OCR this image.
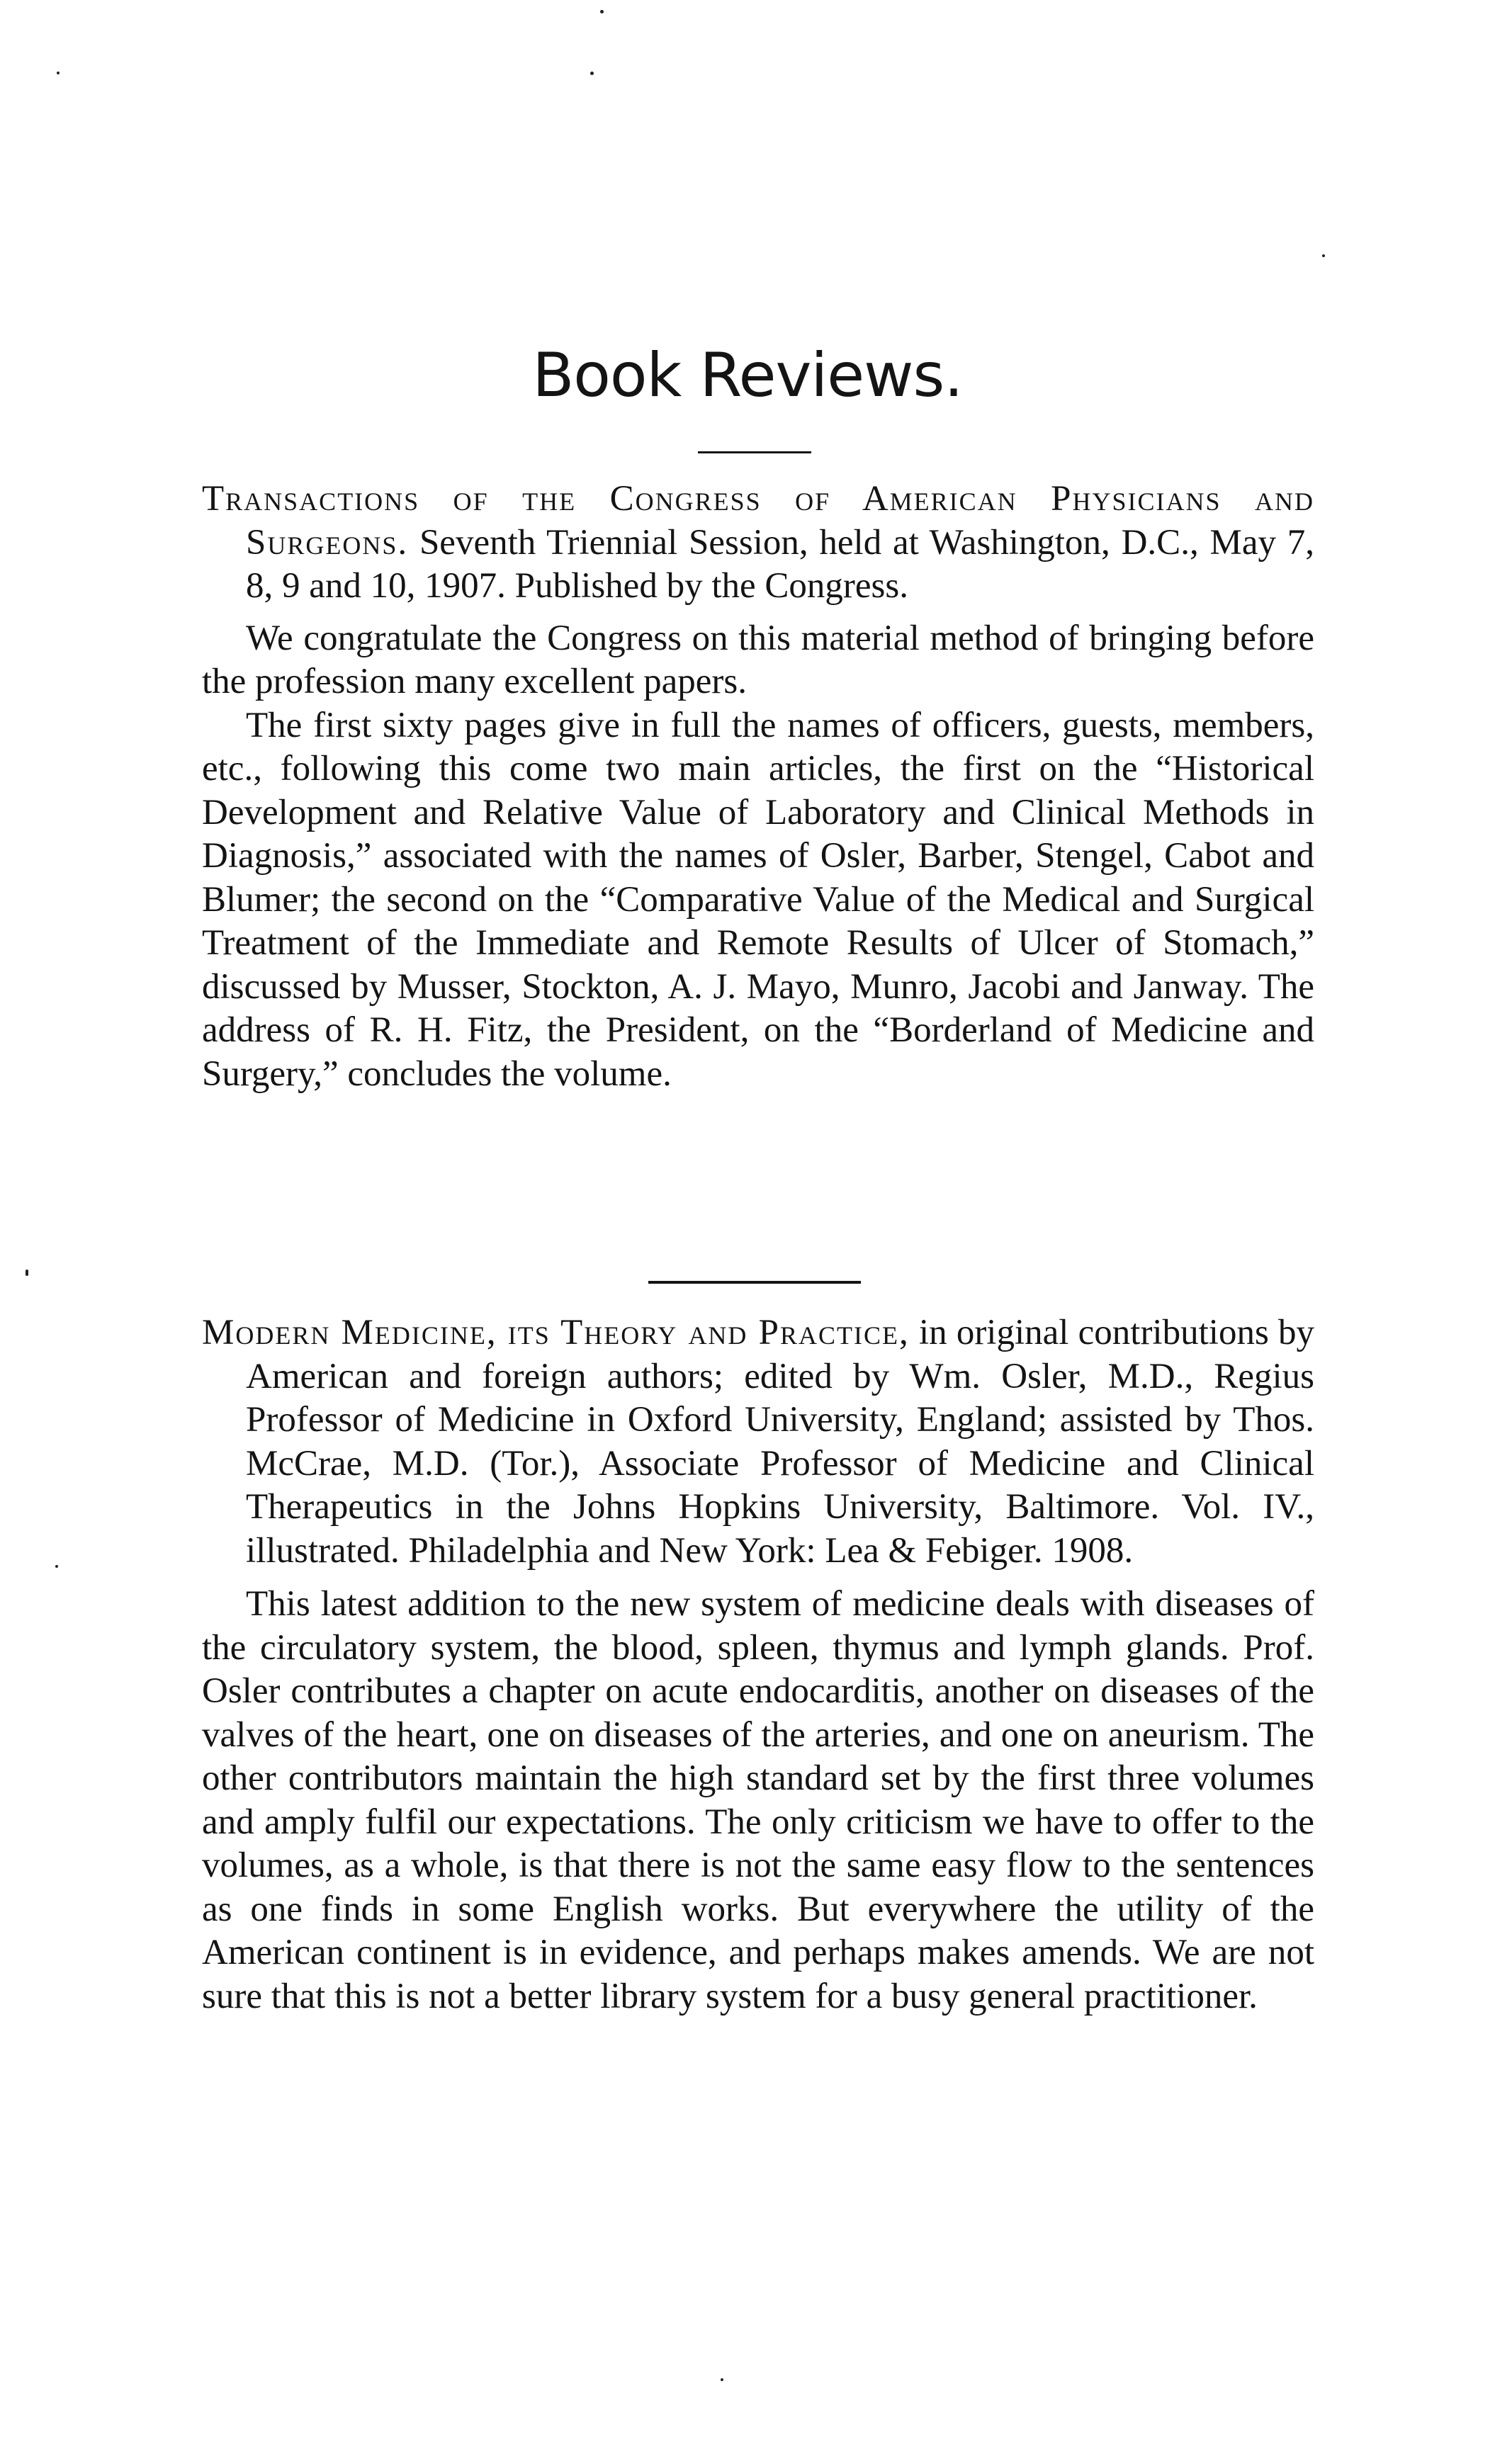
Book Reviews.

Transactions of the Congress of American Physicians and Surgeons. Seventh Triennial Session, held at Washington, D.C., May 7, 8, 9 and 10, 1907. Published by the Congress.

We congratulate the Congress on this material method of bringing before the profession many excellent papers.

The first sixty pages give in full the names of officers, guests, members, etc., following this come two main articles, the first on the “Historical Development and Relative Value of Laboratory and Clinical Methods in Diagnosis,” associated with the names of Osler, Barber, Stengel, Cabot and Blumer; the second on the “Comparative Value of the Medical and Surgical Treatment of the Immediate and Remote Results of Ulcer of Stomach,” discussed by Musser, Stockton, A. J. Mayo, Munro, Jacobi and Janway. The address of R. H. Fitz, the President, on the “Borderland of Medicine and Surgery,” concludes the volume.

Modern Medicine, its Theory and Practice, in original contributions by American and foreign authors; edited by Wm. Osler, M.D., Regius Professor of Medicine in Oxford University, England; assisted by Thos. McCrae, M.D. (Tor.), Associate Professor of Medicine and Clinical Therapeutics in the Johns Hopkins University, Baltimore. Vol. IV., illustrated. Philadelphia and New York: Lea & Febiger. 1908.

This latest addition to the new system of medicine deals with diseases of the circulatory system, the blood, spleen, thymus and lymph glands. Prof. Osler contributes a chapter on acute endocarditis, another on diseases of the valves of the heart, one on diseases of the arteries, and one on aneurism. The other contributors maintain the high standard set by the first three volumes and amply fulfil our expectations. The only criticism we have to offer to the volumes, as a whole, is that there is not the same easy flow to the sentences as one finds in some English works. But everywhere the utility of the American continent is in evidence, and perhaps makes amends. We are not sure that this is not a better library system for a busy general practitioner.
